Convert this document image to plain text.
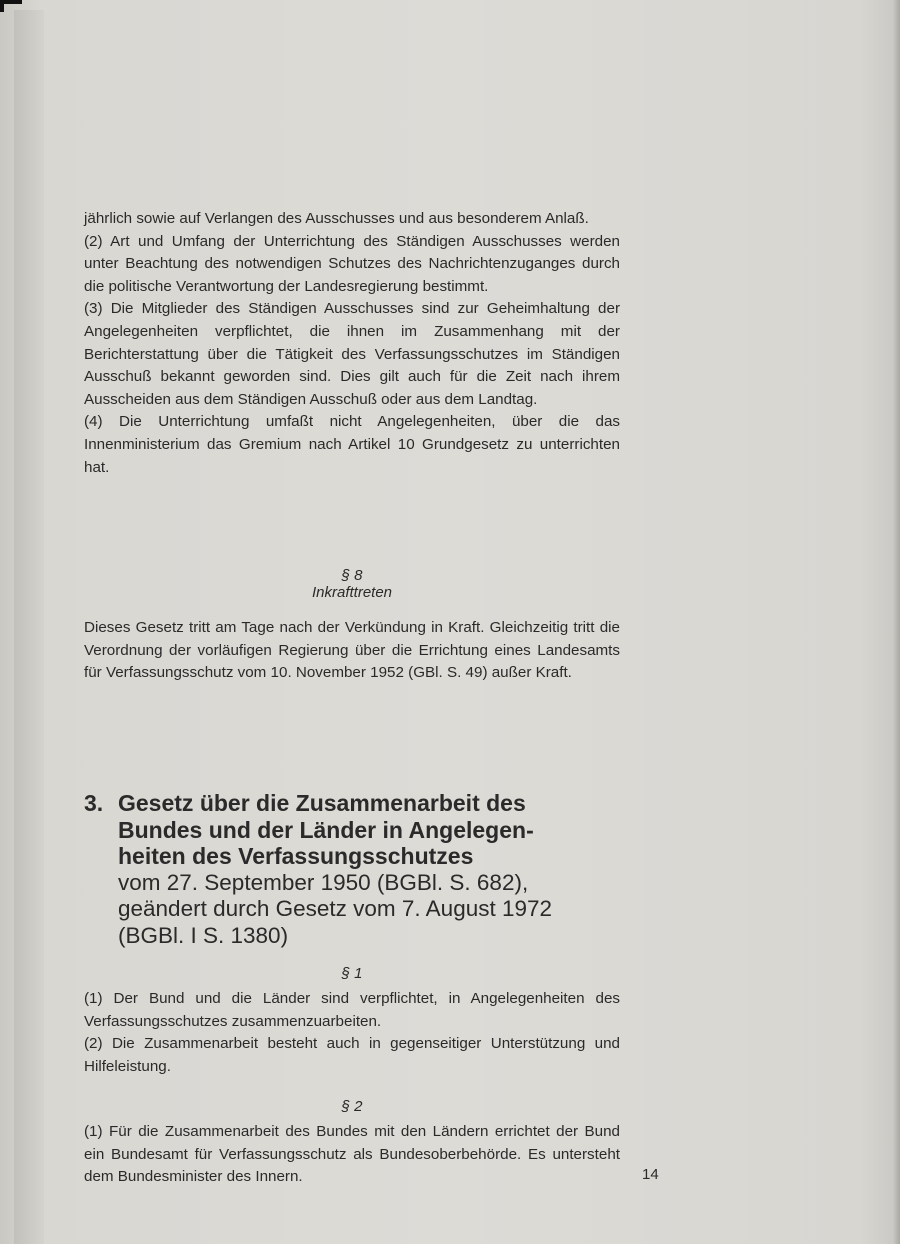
jährlich sowie auf Verlangen des Ausschusses und aus besonderem Anlaß.

(2) Art und Umfang der Unterrichtung des Ständigen Ausschusses werden unter Beachtung des notwendigen Schutzes des Nachrichtenzuganges durch die politische Verantwortung der Landesregierung bestimmt.

(3) Die Mitglieder des Ständigen Ausschusses sind zur Geheimhaltung der Angelegenheiten verpflichtet, die ihnen im Zusammenhang mit der Berichterstattung über die Tätigkeit des Verfassungsschutzes im Ständigen Ausschuß bekannt geworden sind. Dies gilt auch für die Zeit nach ihrem Ausscheiden aus dem Ständigen Ausschuß oder aus dem Landtag.

(4) Die Unterrichtung umfaßt nicht Angelegenheiten, über die das Innenministerium das Gremium nach Artikel 10 Grundgesetz zu unterrichten hat.

§ 8

Inkrafttreten

Dieses Gesetz tritt am Tage nach der Verkündung in Kraft. Gleichzeitig tritt die Verordnung der vorläufigen Regierung über die Errichtung eines Landesamts für Verfassungsschutz vom 10. November 1952 (GBl. S. 49) außer Kraft.

3. Gesetz über die Zusammenarbeit des
Bundes und der Länder in Angelegen-
heiten des Verfassungsschutzes
vom 27. September 1950 (BGBl. S. 682),
geändert durch Gesetz vom 7. August 1972
(BGBl. I S. 1380)

§ 1

(1) Der Bund und die Länder sind verpflichtet, in Angelegenheiten des Verfassungsschutzes zusammenzuarbeiten.

(2) Die Zusammenarbeit besteht auch in gegenseitiger Unterstützung und Hilfeleistung.

§ 2

(1) Für die Zusammenarbeit des Bundes mit den Ländern errichtet der Bund ein Bundesamt für Verfassungsschutz als Bundesoberbehörde. Es untersteht dem Bundesminister des Innern.	14
